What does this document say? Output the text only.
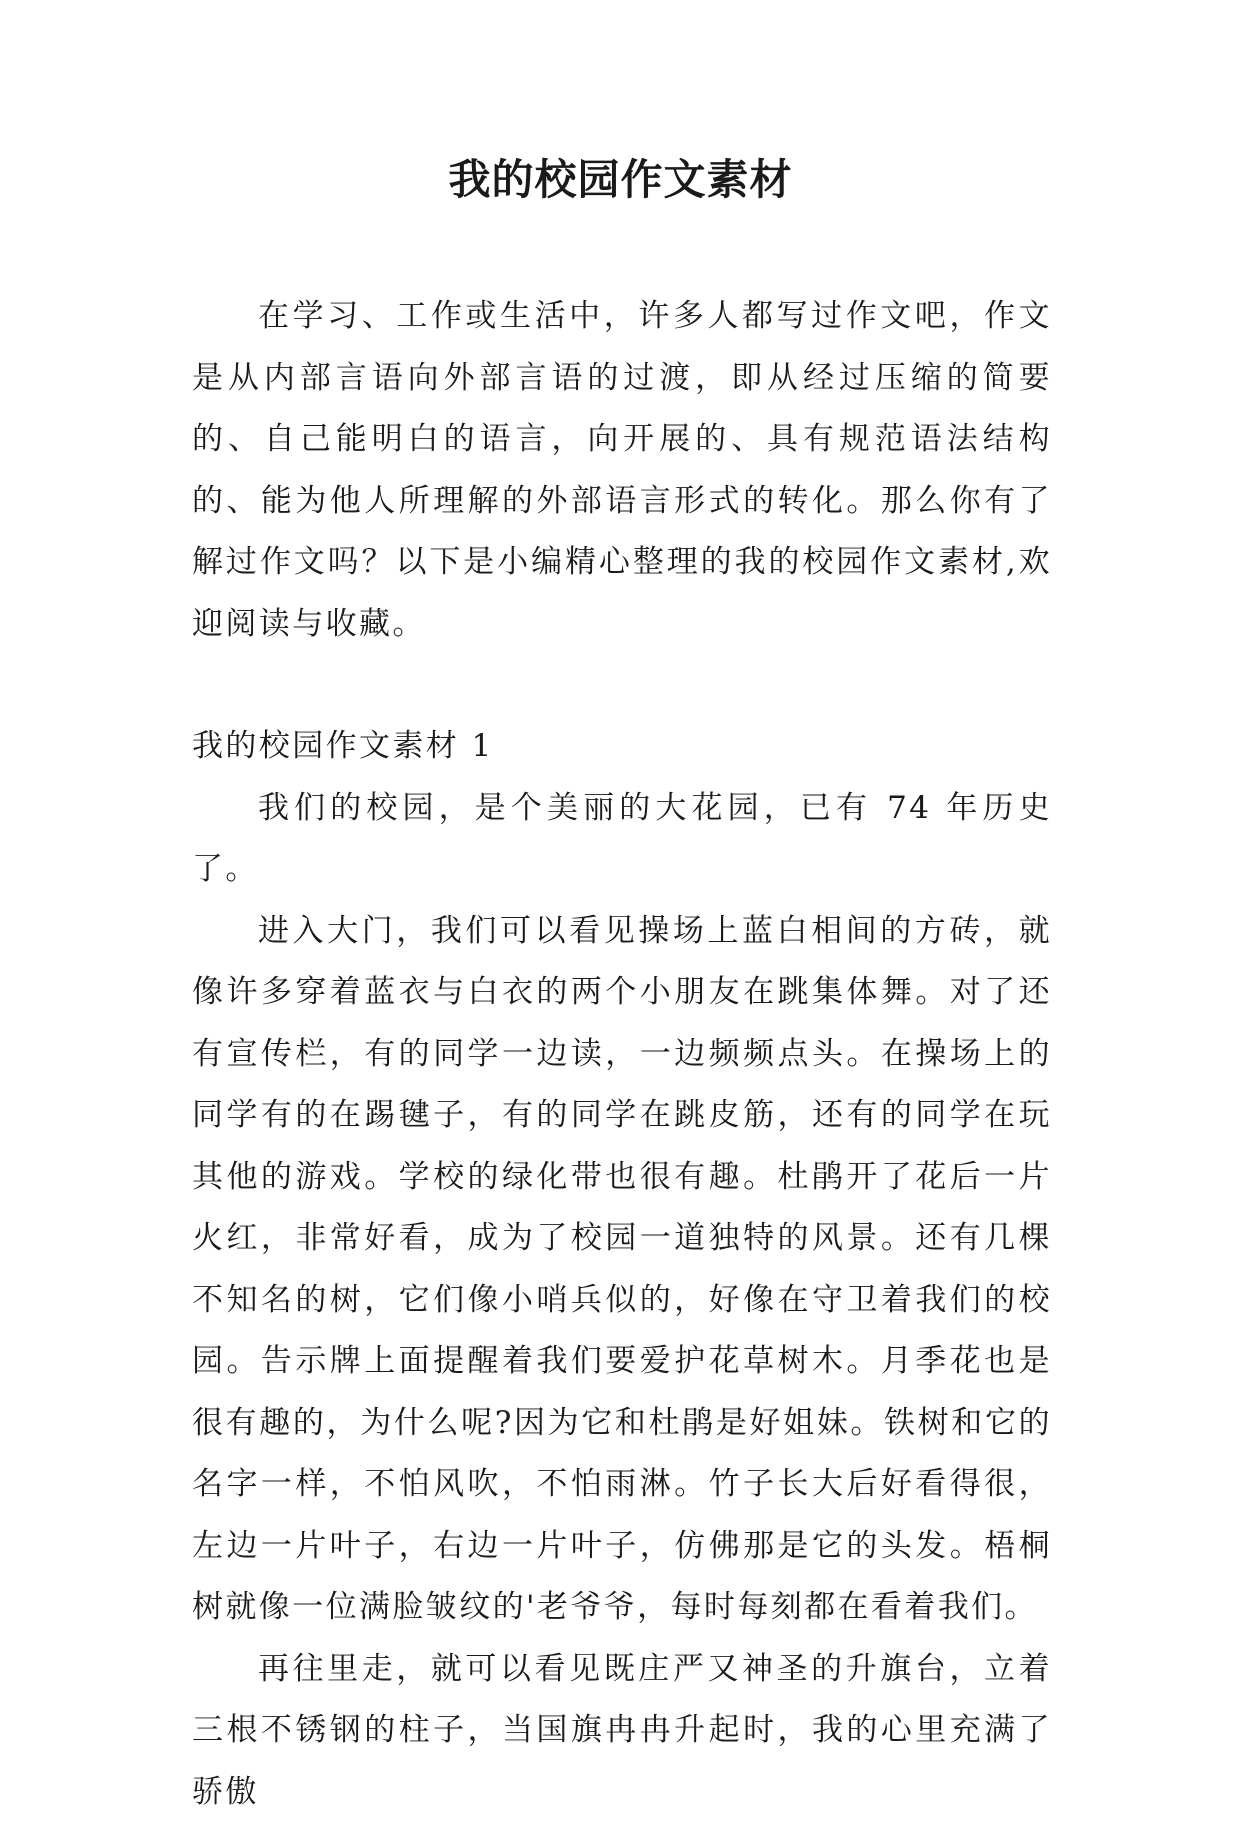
我的校园作文素材

在学习、工作或生活中，许多人都写过作文吧，作文是从内部言语向外部言语的过渡，即从经过压缩的简要的、自己能明白的语言，向开展的、具有规范语法结构的、能为他人所理解的外部语言形式的转化。那么你有了解过作文吗？以下是小编精心整理的我的校园作文素材,欢迎阅读与收藏。

我的校园作文素材 1

我们的校园，是个美丽的大花园，已有 74 年历史了。

进入大门，我们可以看见操场上蓝白相间的方砖，就像许多穿着蓝衣与白衣的两个小朋友在跳集体舞。对了还有宣传栏，有的同学一边读，一边频频点头。在操场上的同学有的在踢毽子，有的同学在跳皮筋，还有的同学在玩其他的游戏。学校的绿化带也很有趣。杜鹃开了花后一片火红，非常好看，成为了校园一道独特的风景。还有几棵不知名的树，它们像小哨兵似的，好像在守卫着我们的校园。告示牌上面提醒着我们要爱护花草树木。月季花也是很有趣的，为什么呢?因为它和杜鹃是好姐妹。铁树和它的名字一样，不怕风吹，不怕雨淋。竹子长大后好看得很，左边一片叶子，右边一片叶子，仿佛那是它的头发。梧桐树就像一位满脸皱纹的'老爷爷，每时每刻都在看着我们。

再往里走，就可以看见既庄严又神圣的升旗台，立着三根不锈钢的柱子，当国旗冉冉升起时，我的心里充满了骄傲
